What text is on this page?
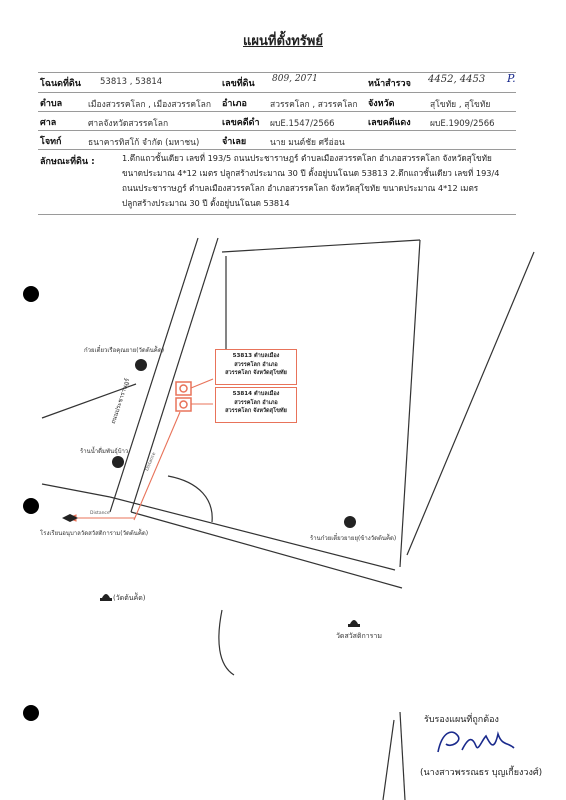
แผนที่ตั้งทรัพย์
โฉนดที่ดิน 53813 , 53814	เลขที่ดิน 809, 2071	หน้าสำรวจ 4452, 4453 P.
ตำบล	เมืองสวรรคโลก , เมืองสวรรคโลก อำเภอ	สวรรคโลก , สวรรคโลก จังหวัด	สุโขทัย , สุโขทัย
ศาล	ศาลจังหวัดสวรรคโลก	เลขคดีดำ ผบE.1547/2566	เลขคดีแดง ผบE.1909/2566
โจทก์	ธนาคารทิสโก้ จำกัด (มหาชน)	จำเลย	นาย มนต์ชัย ศรีอ่อน
ลักษณะที่ดิน :	1.ตึกแถวชั้นเดียว เลขที่ 193/5 ถนนประชาราษฎร์ ตำบลเมืองสวรรคโลก อำเภอสวรรคโลก จังหวัดสุโขทัย
ขนาดประมาณ 4*12 เมตร ปลูกสร้างประมาณ 30 ปี ตั้งอยู่บนโฉนด 53813 2.ตึกแถวชั้นเดียว เลขที่ 193/4
ถนนประชาราษฎร์ ตำบลเมืองสวรรคโลก อำเภอสวรรคโลก จังหวัดสุโขทัย ขนาดประมาณ 4*12 เมตร
ปลูกสร้างประมาณ 30 ปี ตั้งอยู่บนโฉนด 53814
ถนนประชาราษฎร์
Distance
Distance
ก๋วยเตี๋ยวเรือคุณยาย(วัดต้นค้ัด)
ร้านน้ำดื่มพันธุ์บ้าว
โรงเรียนอนุบาลวัดสวัสติการาม(วัดต้นค้ัด)
ร้านก๋วยเตี๋ยวยายยุ(ข้างวัดต้นค้ัด)
(วัดต้นค้ัด)
วัดสวัสติการาม
53813 ตำบลเมือง
สวรรคโลก อำเภอ
สวรรคโลก จังหวัดสุโขทัย
53814 ตำบลเมือง
สวรรคโลก อำเภอ
สวรรคโลก จังหวัดสุโขทัย
รับรองแผนที่ถูกต้อง
(นางสาวพรรณธร บุญเกี้ยงวงศ์)
